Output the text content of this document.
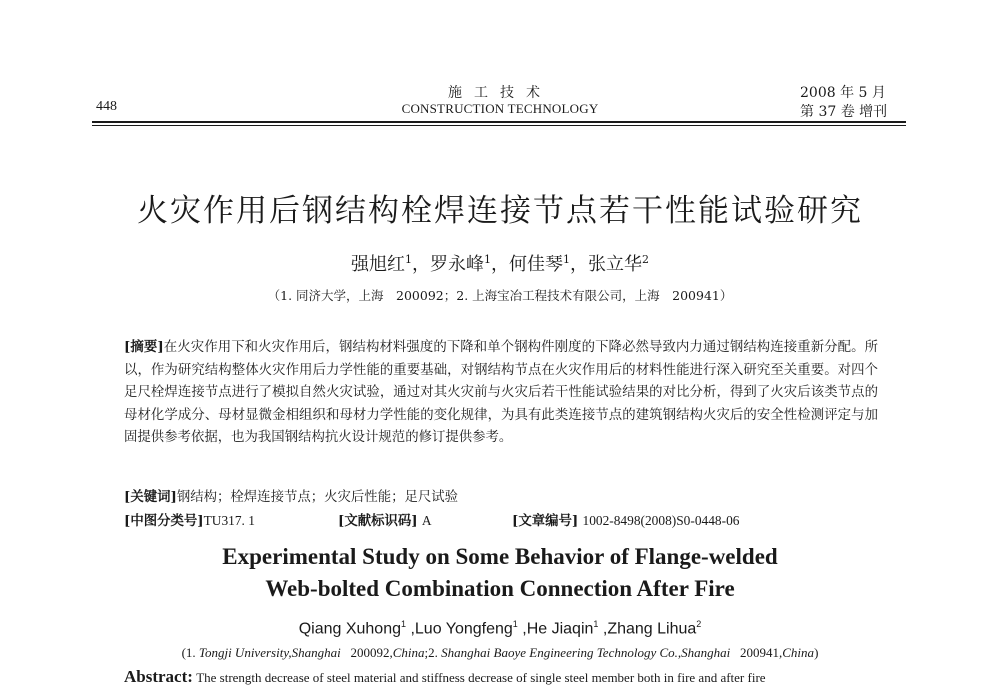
448
施工技术
CONSTRUCTION TECHNOLOGY
2008 年 5 月
第 37 卷 增刊
火灾作用后钢结构栓焊连接节点若干性能试验研究
强旭红$^1$，罗永峰$^1$，何佳琴$^1$，张立华$^2$
（1. 同济大学，上海　200092；2. 上海宝冶工程技术有限公司，上海　200941）
[摘要]在火灾作用下和火灾作用后，钢结构材料强度的下降和单个钢构件刚度的下降必然导致内力通过钢结构连接重新分配。所以，作为研究结构整体火灾作用后力学性能的重要基础，对钢结构节点在火灾作用后的材料性能进行深入研究至关重要。对四个足尺栓焊连接节点进行了模拟自然火灾试验，通过对其火灾前与火灾后若干性能试验结果的对比分析，得到了火灾后该类节点的母材化学成分、母材显微金相组织和母材力学性能的变化规律，为具有此类连接节点的建筑钢结构火灾后的安全性检测评定与加固提供参考依据，也为我国钢结构抗火设计规范的修订提供参考。
[关键词]钢结构；栓焊连接节点；火灾后性能；足尺试验
[中图分类号]TU317. 1	[文献标识码] A	[文章编号] 1002-8498(2008)S0-0448-06
Experimental Study on Some Behavior of Flange-welded
Web-bolted Combination Connection After Fire
Qiang Xuhong$^1$ ,Luo Yongfeng$^1$ ,He Jiaqin$^1$ ,Zhang Lihua$^2$
(1. Tongji University,Shanghai 200092,China;2. Shanghai Baoye Engineering Technology Co.,Shanghai 200941,China)
Abstract: The strength decrease of steel material and stiffness decrease of single steel member both in fire and after fire
